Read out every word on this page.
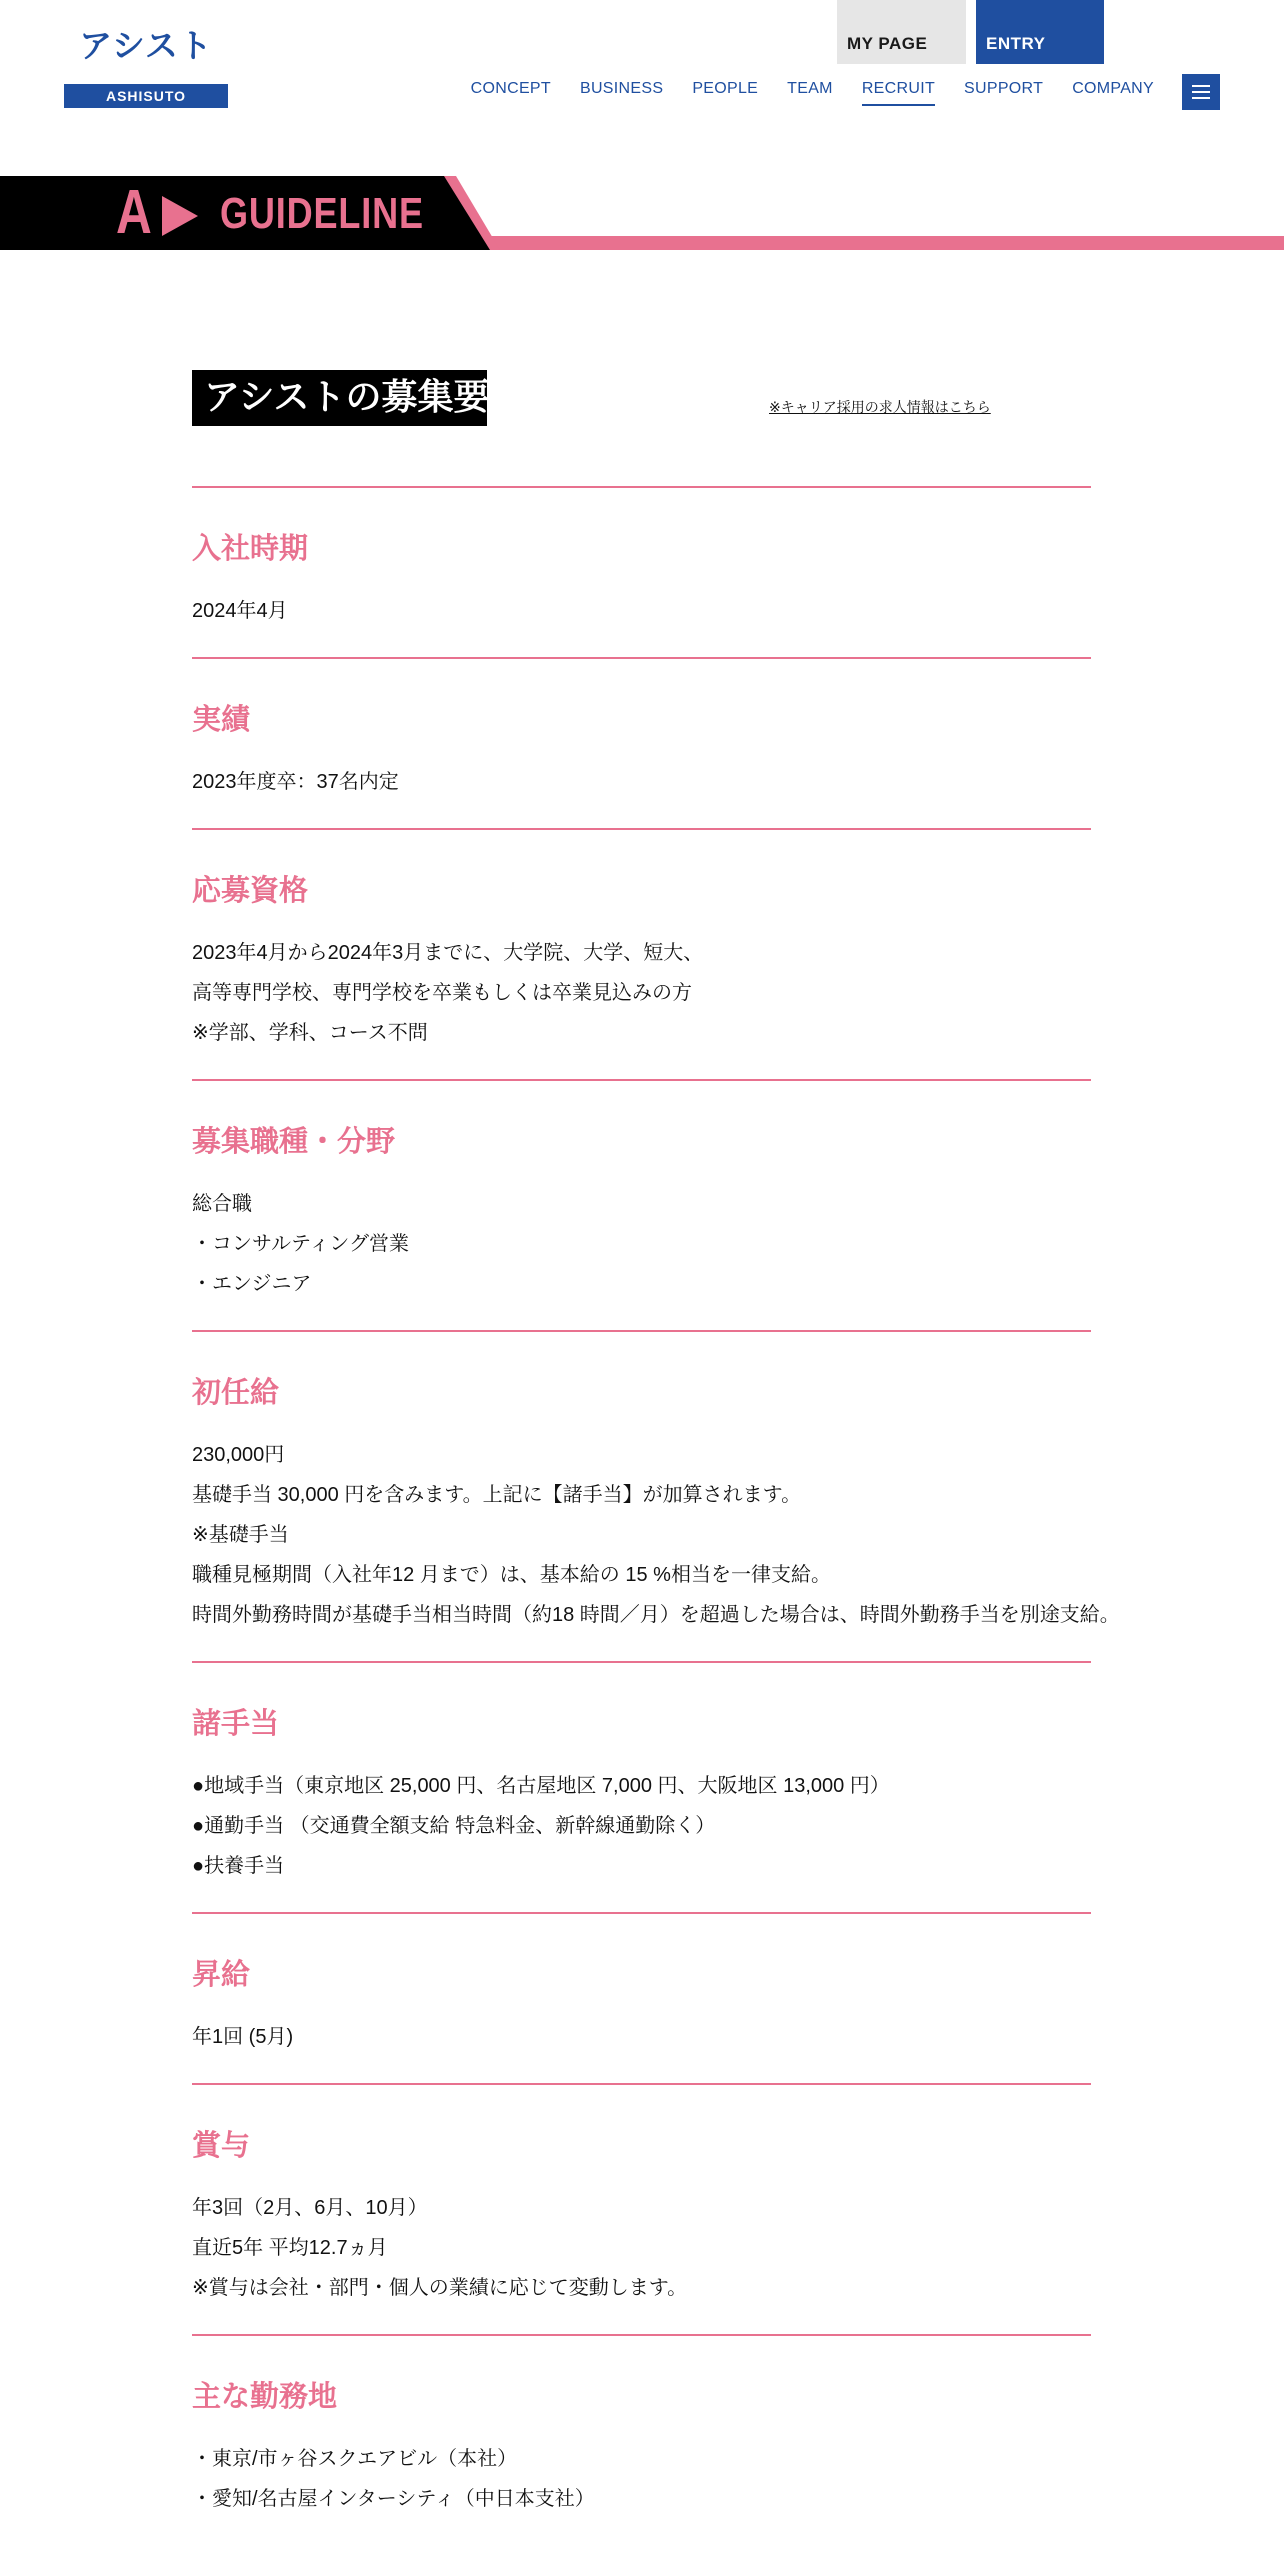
アシスト
ASHISUTO RECRUITING
MY PAGE	ENTRY
CONCEPT BUSINESS PEOPLE TEAM RECRUIT SUPPORT COMPANY
A GUIDELINE
アシストの募集要項	※キャリア採用の求人情報はこちら
入社時期

2024年4月

実績

2023年度卒：37名内定

応募資格

2023年4月から2024年3月までに、大学院、大学、短大、

高等専門学校、専門学校を卒業もしくは卒業見込みの方

※学部、学科、コース不問

募集職種・分野

総合職

・コンサルティング営業

・エンジニア

初任給

230,000円

基礎手当 30,000 円を含みます。上記に【諸手当】が加算されます。

※基礎手当

職種見極期間（入社年12 月まで）は、基本給の 15 %相当を一律支給。

時間外勤務時間が基礎手当相当時間（約18 時間／月）を超過した場合は、時間外勤務手当を別途支給。

諸手当

●地域手当（東京地区 25,000 円、名古屋地区 7,000 円、大阪地区 13,000 円）

●通勤手当 （交通費全額支給 特急料金、新幹線通勤除く）

●扶養手当

昇給

年1回 (5月)

賞与

年3回（2月、6月、10月）

直近5年 平均12.7ヵ月

※賞与は会社・部門・個人の業績に応じて変動します。

主な勤務地

・東京/市ヶ谷スクエアビル（本社）

・愛知/名古屋インターシティ（中日本支社）
